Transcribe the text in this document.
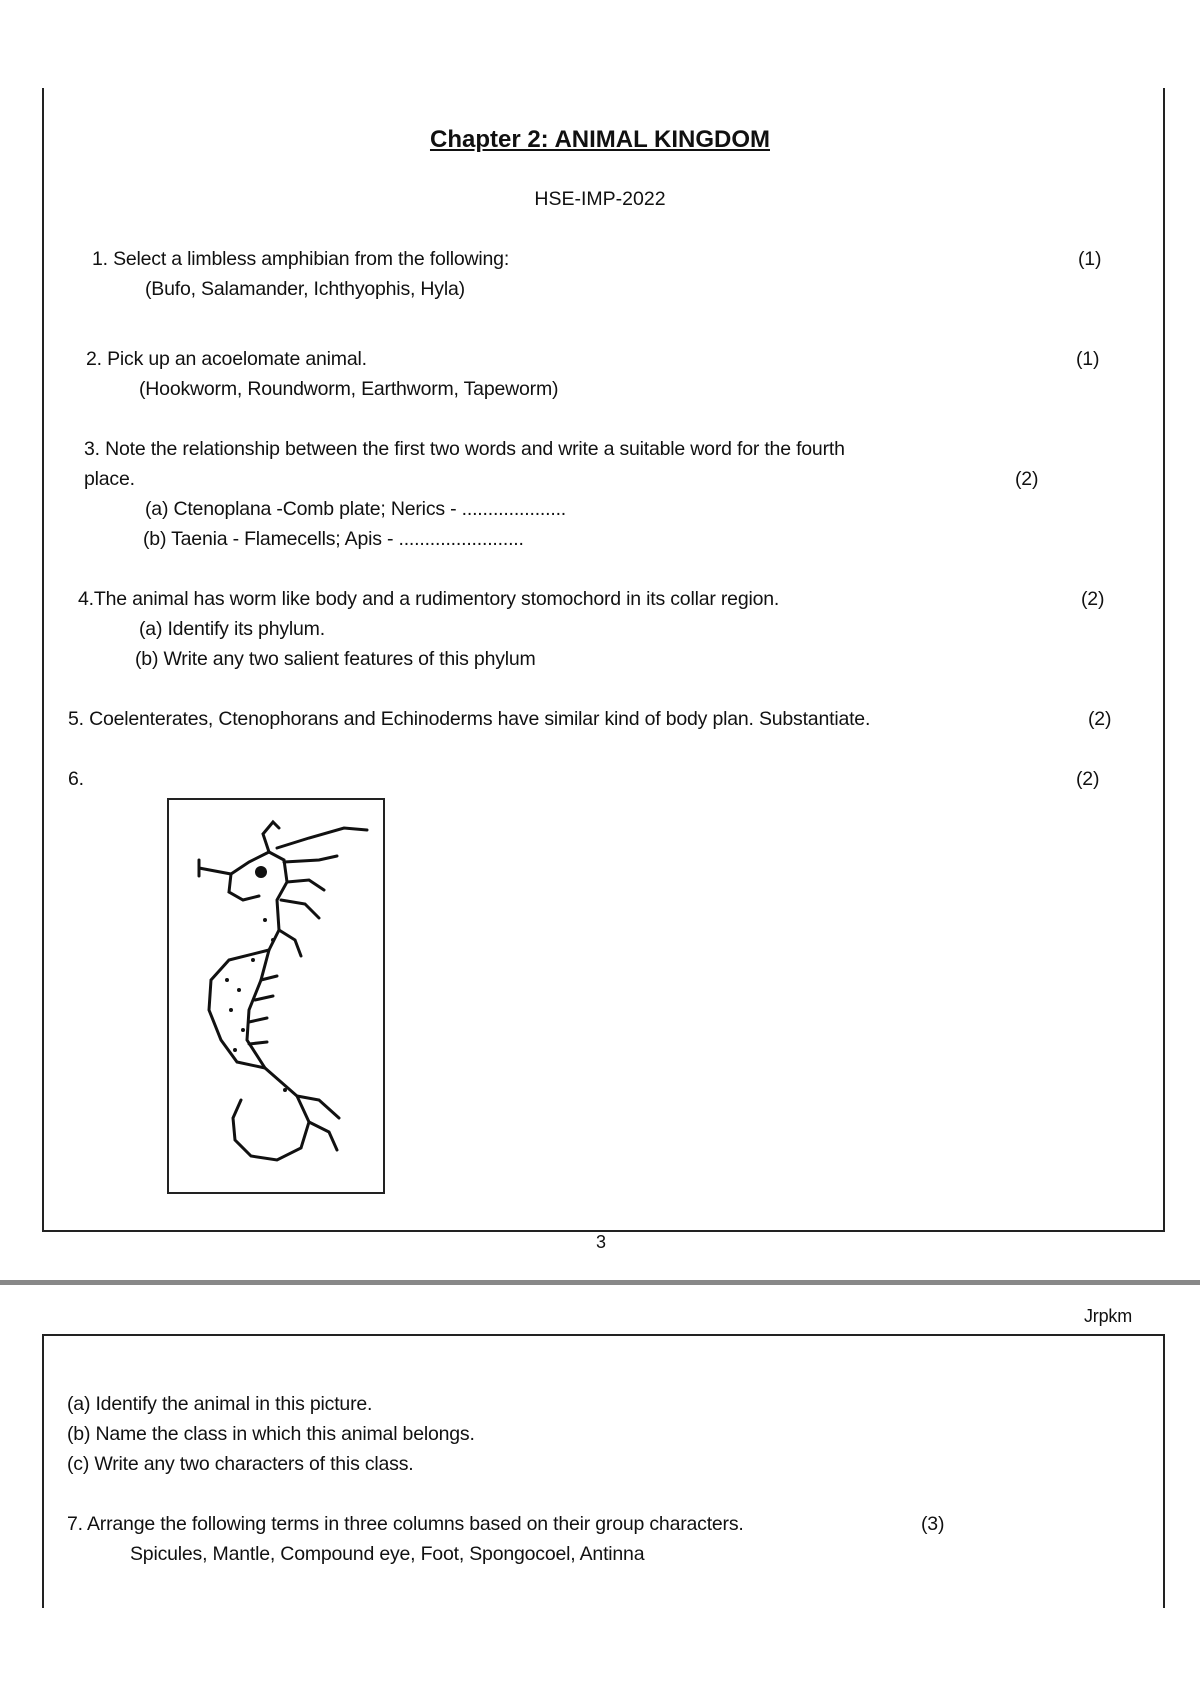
Chapter 2: ANIMAL KINGDOM
HSE-IMP-2022
1. Select a limbless amphibian from the following:	(1)
(Bufo, Salamander, Ichthyophis, Hyla)
2. Pick up an acoelomate animal.	(1)
(Hookworm, Roundworm, Earthworm, Tapeworm)
3. Note the relationship between the first two words and write a suitable word for the fourth
place.	(2)
(a) Ctenoplana -Comb plate; Nerics - ....................
(b) Taenia - Flamecells; Apis - ........................
4.The animal has worm like body and a rudimentory stomochord in its collar region.	(2)
(a) Identify its phylum.
(b) Write any two salient features of this phylum
5. Coelenterates, Ctenophorans and Echinoderms have similar kind of body plan. Substantiate.	(2)
6.	(2)
3
Jrpkm
(a) Identify the animal in this picture.
(b) Name the class in which this animal belongs.
(c) Write any two characters of this class.
7. Arrange the following terms in three columns based on their group characters.	(3)
Spicules, Mantle, Compound eye, Foot, Spongocoel, Antinna
